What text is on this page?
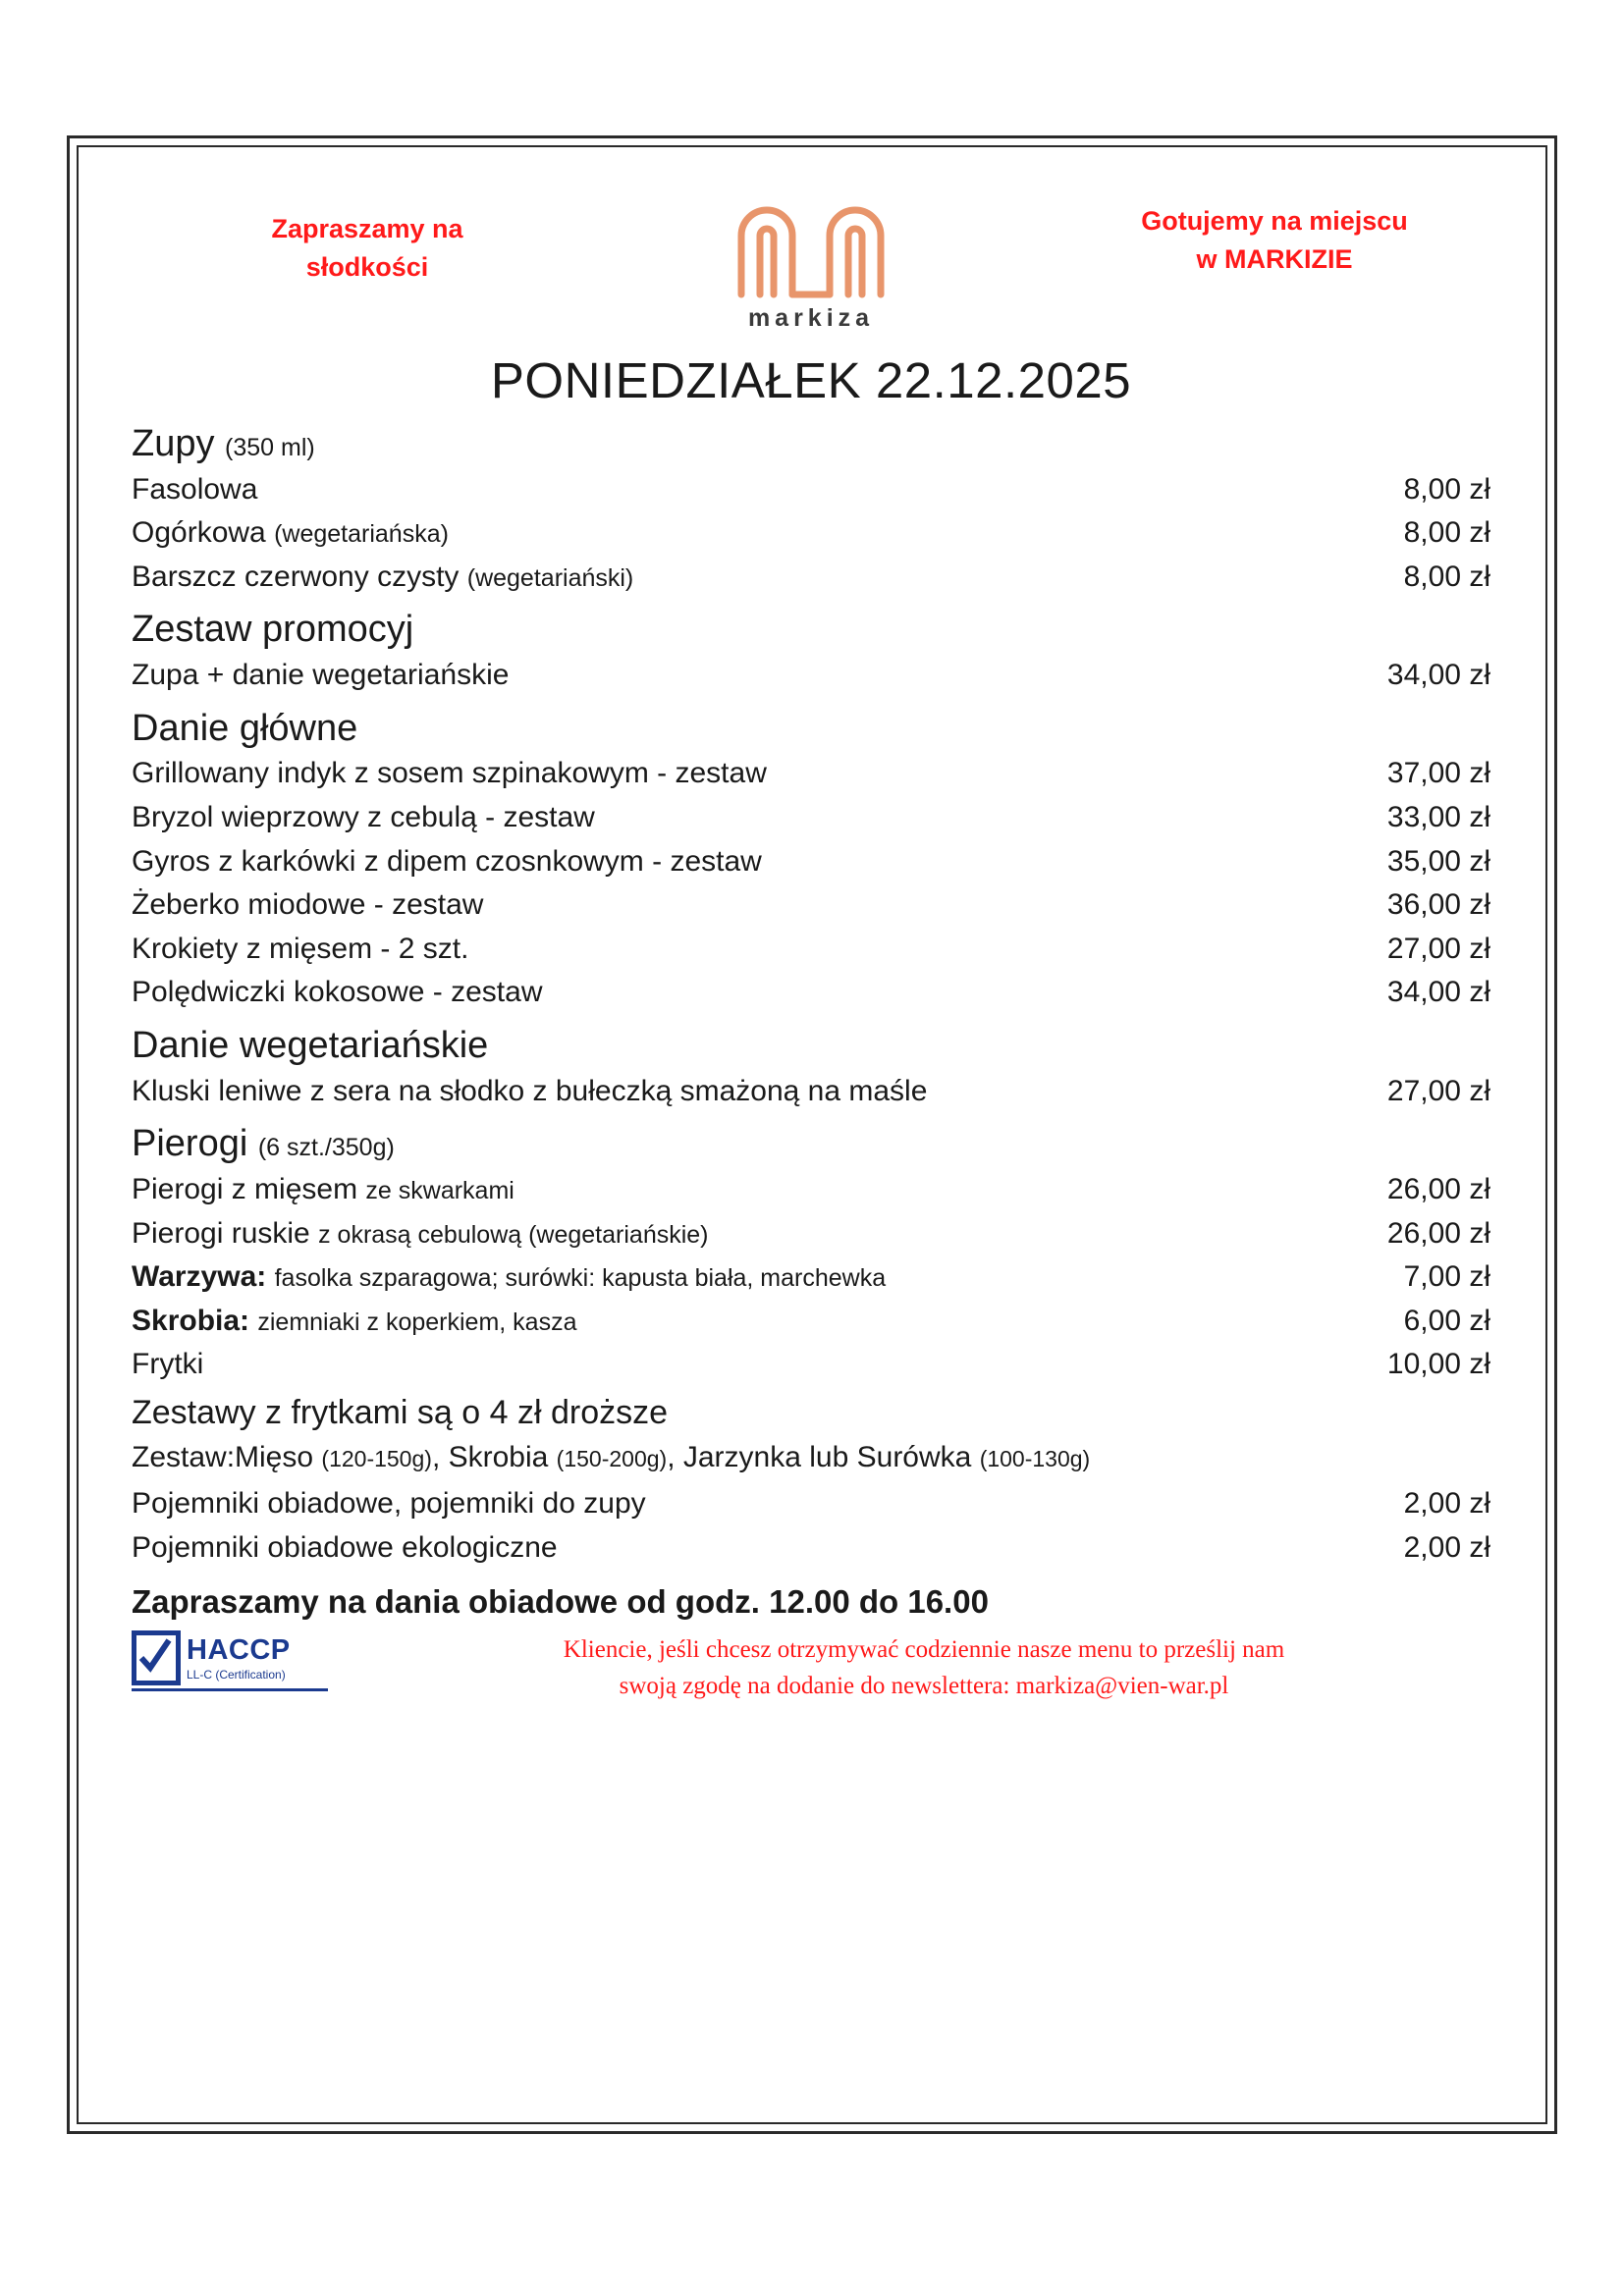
Zapraszamy na
słodkości
markiza
Gotujemy na miejscu
w MARKIZIE
PONIEDZIAŁEK 22.12.2025
Zupy (350 ml)
Fasolowa	8,00 zł
Ogórkowa (wegetariańska)	8,00 zł
Barszcz czerwony czysty (wegetariański)	8,00 zł
Zestaw promocyj
Zupa + danie wegetariańskie	34,00 zł
Danie główne
Grillowany indyk z sosem szpinakowym - zestaw	37,00 zł
Bryzol wieprzowy z cebulą - zestaw	33,00 zł
Gyros z karkówki z dipem czosnkowym - zestaw	35,00 zł
Żeberko miodowe - zestaw	36,00 zł
Krokiety z mięsem - 2 szt.	27,00 zł
Polędwiczki kokosowe - zestaw	34,00 zł
Danie wegetariańskie
Kluski leniwe z sera na słodko z bułeczką smażoną na maśle	27,00 zł
Pierogi (6 szt./350g)
Pierogi z mięsem ze skwarkami	26,00 zł
Pierogi ruskie z okrasą cebulową (wegetariańskie)	26,00 zł
Warzywa: fasolka szparagowa; surówki: kapusta biała, marchewka	7,00 zł
Skrobia: ziemniaki z koperkiem, kasza	6,00 zł
Frytki	10,00 zł
Zestawy z frytkami są o 4 zł droższe
Zestaw:Mięso (120-150g), Skrobia (150-200g), Jarzynka lub Surówka (100-130g)
Pojemniki obiadowe, pojemniki do zupy	2,00 zł
Pojemniki obiadowe ekologiczne	2,00 zł
Zapraszamy na dania obiadowe od godz. 12.00 do 16.00
HACCP
LL-C (Certification)
Kliencie, jeśli chcesz otrzymywać codziennie nasze menu to prześlij nam
swoją zgodę na dodanie do newslettera: markiza@vien-war.pl
